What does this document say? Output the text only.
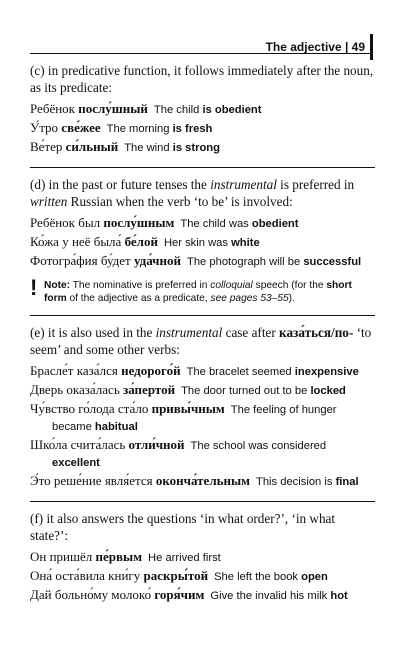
The adjective | 49

(c) in predicative function, it follows immediately after the noun, as its predicate:

Ребёнок послу́шный The child is obedient

У́тро све́жее The morning is fresh

Ве́тер си́льный The wind is strong

(d) in the past or future tenses the instrumental is preferred in written Russian when the verb ‘to be’ is involved:

Ребёнок был послу́шным The child was obedient

Ко́жа у неё была́ бе́лой Her skin was white

Фотогра́фия бу́дет уда́чной The photograph will be successful

! Note: The nominative is preferred in colloquial speech (for the short form of the adjective as a predicate, see pages 53–55).

(e) it is also used in the instrumental case after каза́ться/по- ‘to seem’ and some other verbs:

Брасле́т каза́лся недорого́й The bracelet seemed inexpensive

Дверь оказа́лась за́пертой The door turned out to be locked

Чу́вство го́лода ста́ло привы́чным The feeling of hunger
became habitual

Шко́ла счита́лась отли́чной The school was considered
excellent

Э́то реше́ние явля́ется оконча́тельным This decision is final

(f) it also answers the questions ‘in what order?’, ‘in what state?’:

Он пришёл пе́рвым He arrived first

Она́ оста́вила кни́гу раскры́той She left the book open

Дай больно́му молоко́ горя́чим Give the invalid his milk hot
